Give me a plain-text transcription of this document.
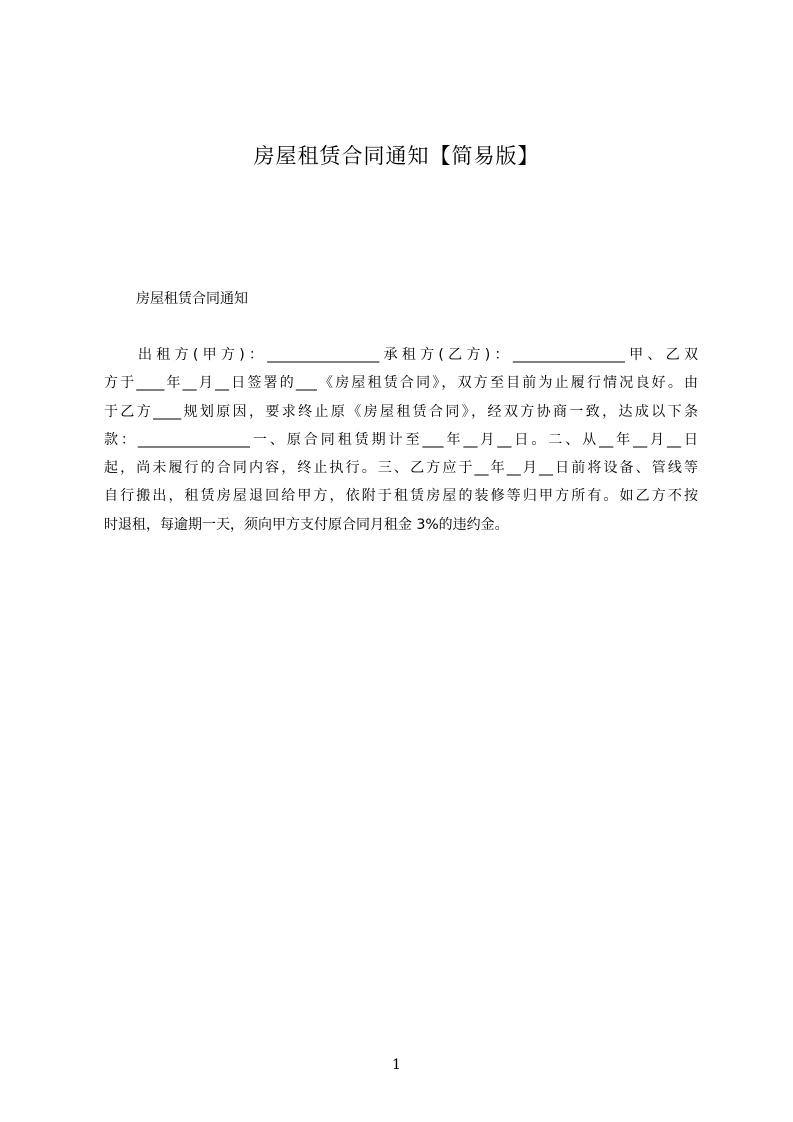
房屋租赁合同通知【简易版】
房屋租赁合同通知
出租方(甲方)：________________承租方(乙方)：________________甲、乙双
方于____年__月__日签署的___《房屋租赁合同》，双方至目前为止履行情况良好。由
于乙方____规划原因，要求终止原《房屋租赁合同》，经双方协商一致，达成以下条
款：________________一、原合同租赁期计至___年__月__日。二、从__年__月__日
起，尚未履行的合同内容，终止执行。三、乙方应于__年__月__日前将设备、管线等
自行搬出，租赁房屋退回给甲方，依附于租赁房屋的装修等归甲方所有。如乙方不按
时退租，每逾期一天，须向甲方支付原合同月租金 3%的违约金。
1
